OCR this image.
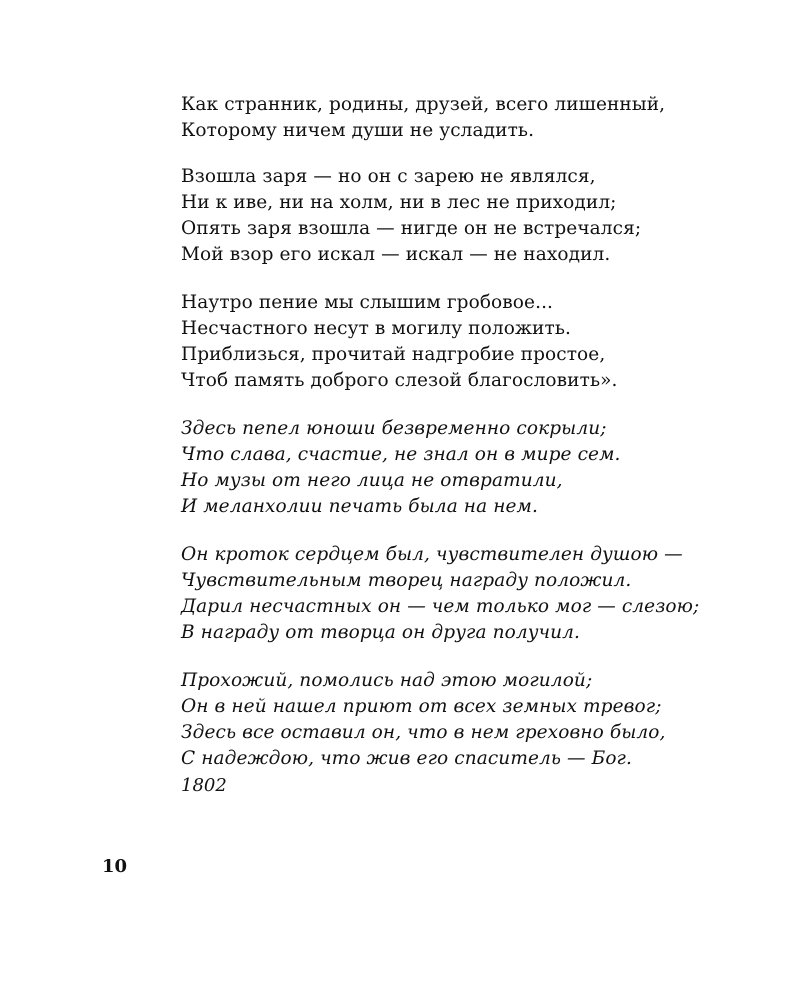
Как странник, родины, друзей, всего лишенный,
Которому ничем души не усладить.
Взошла заря — но он с зарею не являлся,
Ни к иве, ни на холм, ни в лес не приходил;
Опять заря взошла — нигде он не встречался;
Мой взор его искал — искал — не находил.
Наутро пение мы слышим гробовое...
Несчастного несут в могилу положить.
Приблизься, прочитай надгробие простое,
Чтоб память доброго слезой благословить».
Здесь пепел юноши безвременно сокрыли;
Что слава, счастие, не знал он в мире сем.
Но музы от него лица не отвратили,
И меланхолии печать была на нем.
Он кроток сердцем был, чувствителен душою —
Чувствительным творец награду положил.
Дарил несчастных он — чем только мог — слезою;
В награду от творца он друга получил.
Прохожий, помолись над этою могилой;
Он в ней нашел приют от всех земных тревог;
Здесь все оставил он, что в нем греховно было,
С надеждою, что жив его спаситель — Бог.
1802
10
